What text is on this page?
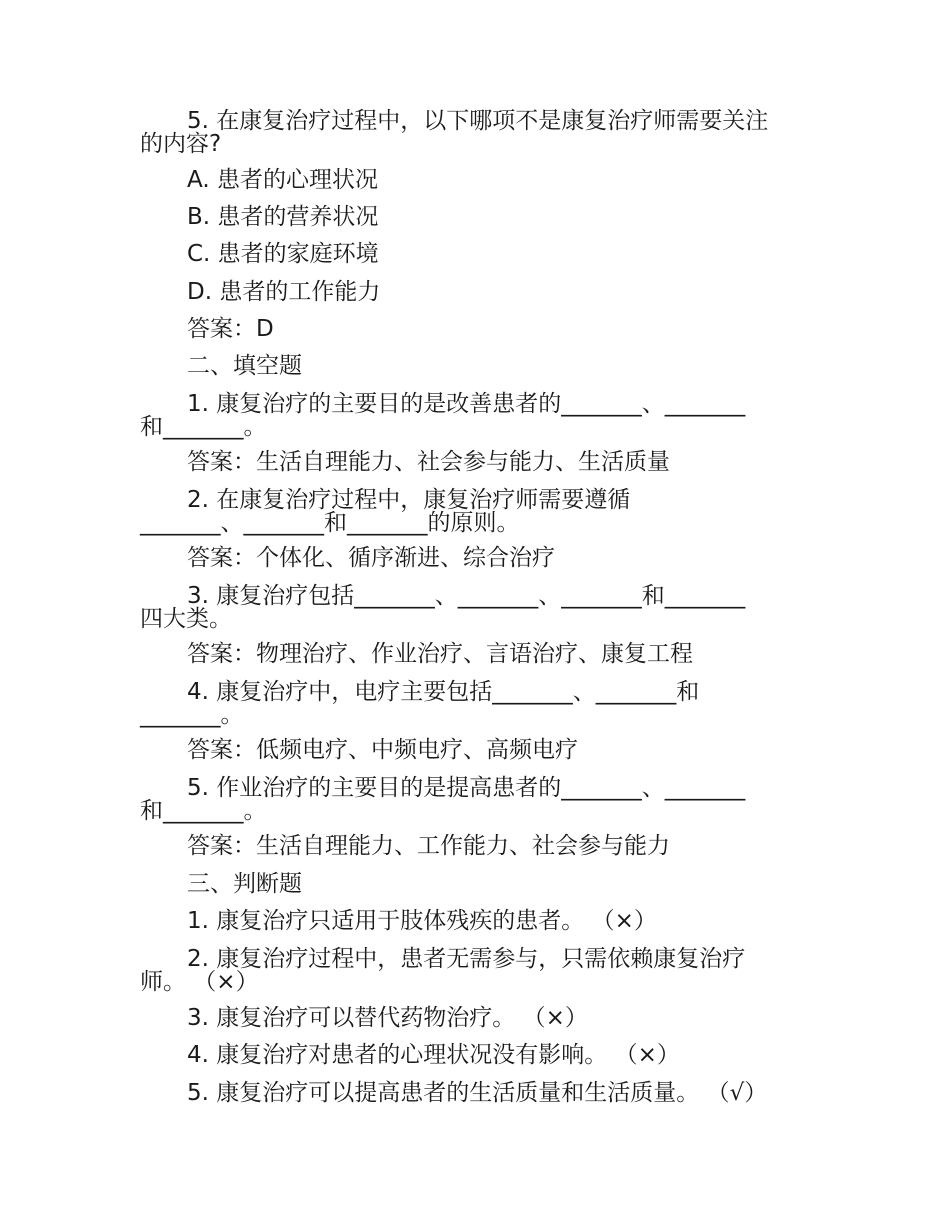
5. 在康复治疗过程中，以下哪项不是康复治疗师需要关注
的内容?
A. 患者的心理状况
B. 患者的营养状况
C. 患者的家庭环境
D. 患者的工作能力
答案：D
二、填空题
1. 康复治疗的主要目的是改善患者的_______、_______
和_______。
答案：生活自理能力、社会参与能力、生活质量
2. 在康复治疗过程中，康复治疗师需要遵循
_______、_______和_______的原则。
答案：个体化、循序渐进、综合治疗
3. 康复治疗包括_______、_______、_______和_______
四大类。
答案：物理治疗、作业治疗、言语治疗、康复工程
4. 康复治疗中，电疗主要包括_______、_______和
_______。
答案：低频电疗、中频电疗、高频电疗
5. 作业治疗的主要目的是提高患者的_______、_______
和_______。
答案：生活自理能力、工作能力、社会参与能力
三、判断题
1. 康复治疗只适用于肢体残疾的患者。 （×）
2. 康复治疗过程中，患者无需参与，只需依赖康复治疗
师。 （×）
3. 康复治疗可以替代药物治疗。 （×）
4. 康复治疗对患者的心理状况没有影响。 （×）
5. 康复治疗可以提高患者的生活质量和生活质量。 （√）
